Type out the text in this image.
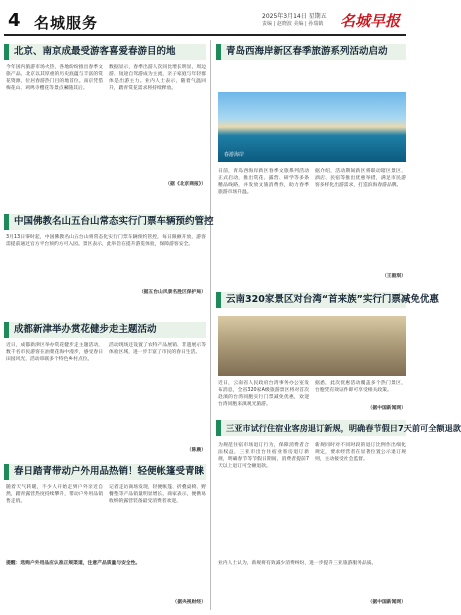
4 名城服务	2025年3月14日 星期五
责编 | 赵晓波 美编 | 孙瑞鹤 名城早报
北京、南京成最受游客喜爱春游目的地

今年国内旅游市场火热，各地纷纷推出春季文旅产品。北京以其厚重的历史底蕴与丰富的赏花资源，位居春游热门目的地首位。南京凭借梅花山、鸡鸣寺樱花等景点紧随其后。

数据显示，春季出游人次同比增长明显，周边游、短途自驾游成为主流，亲子家庭与年轻群体是出游主力。业内人士表示，随着气温回升，踏青赏花需求将持续释放。

（据《北京商报》）
中国佛教名山五台山常态实行门票车辆预约管控
3月13日零时起，中国佛教名山五台山将常态化实行门票车辆预约管控，每日限额开放，游客需提前通过官方平台预约方可入园。景区表示，此举旨在提升游览体验，保障游客安全。
（据五台山风景名胜区保护局）
成都新津举办赏花健步走主题活动

近日，成都新津区举办赏花健步走主题活动，数千名市民游客在油菜花海中漫步，感受春日田园风光，活动串联多个特色乡村点位。

活动现场还设置了农特产品展销、非遗展示等体验区域，进一步丰富了市民的春日生活。

（陈晨）
春日踏青带动户外用品热销！轻便帐篷受青睐

随着天气转暖，不少人开始走到户外亲近自然，踏青露营热度持续攀升，带动户外用品销售走俏。

记者走访商场发现，轻便帐篷、折叠桌椅、野餐垫等产品销量明显增长。商家表示，便携易收纳的露营装备最受消费者欢迎。

提醒：选购户外用品应认准正规渠道，注意产品质量与安全性。
（据央视财经）
青岛西海岸新区春季旅游系列活动启动
春游海岸

日前，青岛西海岸新区春季文旅系列活动正式启动，推出赏花、露营、研学等多条精品线路，并发放文旅消费券，助力春季旅游市场升温。

据介绍，活动期间新区将联动辖区景区、酒店、民宿等推出优惠举措，满足市民游客多样化出游需求，打造滨海春游品牌。

（王毅琪）
云南320家景区对台湾“首来族”实行门票减免优惠

近日，云南省人民政府台湾事务办公室发布消息，全省320家A级旅游景区将对首次赴滇的台湾同胞实行门票减免优惠，欢迎台湾同胞来滇观光旅游。

据悉，此次优惠活动覆盖多个热门景区，台胞凭有效证件即可享受相关政策。

（据中国新闻网）
三亚市试行住宿业客房退订新规，明确春节假日7天前可全额退款

为规范住宿市场退订行为，保障消费者合法权益，三亚市出台住宿业客房退订新规，明确春节等节假日期间，消费者提前7天以上退订可全额退款。

新规同时对不同时段的退订比例作出细化规定，要求经营者在显著位置公示退订规则，主动接受社会监督。

业内人士认为，新规将有效减少消费纠纷，进一步提升三亚旅游服务品质。
（据中国新闻网）
